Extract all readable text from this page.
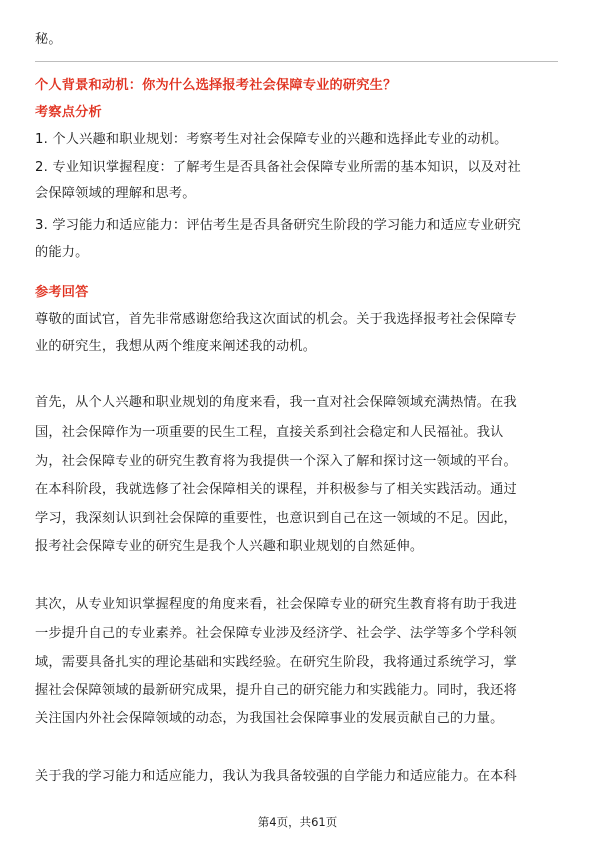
秘。
个人背景和动机：你为什么选择报考社会保障专业的研究生？
考察点分析
1. 个人兴趣和职业规划：考察考生对社会保障专业的兴趣和选择此专业的动机。
2. 专业知识掌握程度：了解考生是否具备社会保障专业所需的基本知识，以及对社
会保障领域的理解和思考。
3. 学习能力和适应能力：评估考生是否具备研究生阶段的学习能力和适应专业研究
的能力。
参考回答
尊敬的面试官，首先非常感谢您给我这次面试的机会。关于我选择报考社会保障专
业的研究生，我想从两个维度来阐述我的动机。
首先，从个人兴趣和职业规划的角度来看，我一直对社会保障领域充满热情。在我
国，社会保障作为一项重要的民生工程，直接关系到社会稳定和人民福祉。我认
为，社会保障专业的研究生教育将为我提供一个深入了解和探讨这一领域的平台。
在本科阶段，我就选修了社会保障相关的课程，并积极参与了相关实践活动。通过
学习，我深刻认识到社会保障的重要性，也意识到自己在这一领域的不足。因此，
报考社会保障专业的研究生是我个人兴趣和职业规划的自然延伸。
其次，从专业知识掌握程度的角度来看，社会保障专业的研究生教育将有助于我进
一步提升自己的专业素养。社会保障专业涉及经济学、社会学、法学等多个学科领
域，需要具备扎实的理论基础和实践经验。在研究生阶段，我将通过系统学习，掌
握社会保障领域的最新研究成果，提升自己的研究能力和实践能力。同时，我还将
关注国内外社会保障领域的动态，为我国社会保障事业的发展贡献自己的力量。
关于我的学习能力和适应能力，我认为我具备较强的自学能力和适应能力。在本科
第4页，共61页
